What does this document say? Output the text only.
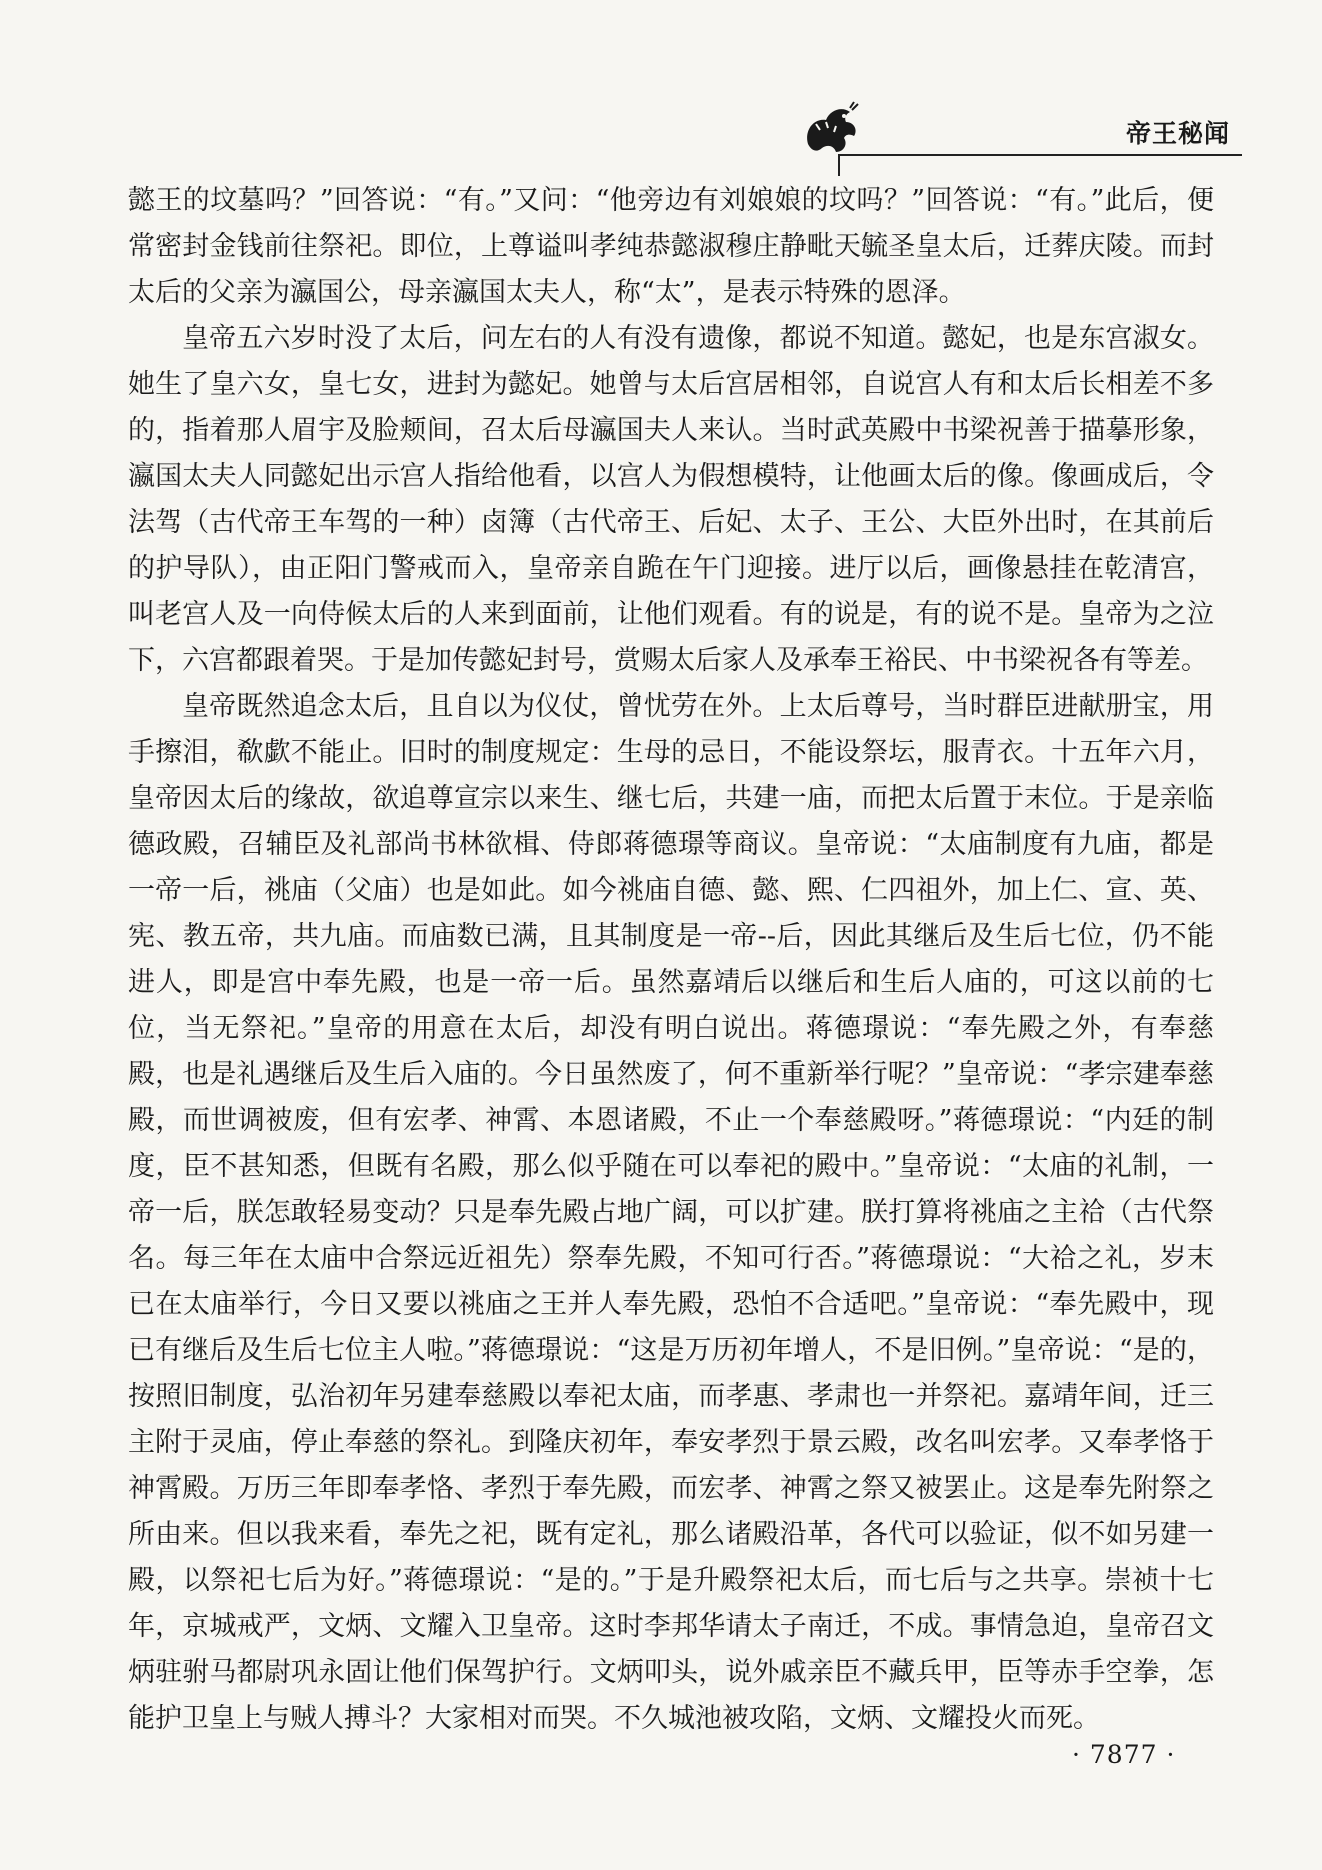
帝王秘闻

懿王的坟墓吗？”回答说：“有。”又问：“他旁边有刘娘娘的坟吗？”回答说：“有。”此后，便常密封金钱前往祭祀。即位，上尊谥叫孝纯恭懿淑穆庄静毗天毓圣皇太后，迁葬庆陵。而封太后的父亲为瀛国公，母亲瀛国太夫人，称“太”，是表示特殊的恩泽。

皇帝五六岁时没了太后，问左右的人有没有遗像，都说不知道。懿妃，也是东宫淑女。她生了皇六女，皇七女，进封为懿妃。她曾与太后宫居相邻，自说宫人有和太后长相差不多的，指着那人眉宇及脸颊间，召太后母瀛国夫人来认。当时武英殿中书梁祝善于描摹形象，瀛国太夫人同懿妃出示宫人指给他看，以宫人为假想模特，让他画太后的像。像画成后，令法驾（古代帝王车驾的一种）卤簿（古代帝王、后妃、太子、王公、大臣外出时，在其前后的护导队），由正阳门警戒而入，皇帝亲自跪在午门迎接。进厅以后，画像悬挂在乾清宫，叫老宫人及一向侍候太后的人来到面前，让他们观看。有的说是，有的说不是。皇帝为之泣下，六宫都跟着哭。于是加传懿妃封号，赏赐太后家人及承奉王裕民、中书梁祝各有等差。

皇帝既然追念太后，且自以为仪仗，曾忧劳在外。上太后尊号，当时群臣进献册宝，用手擦泪，欷歔不能止。旧时的制度规定：生母的忌日，不能设祭坛，服青衣。十五年六月，皇帝因太后的缘故，欲追尊宣宗以来生、继七后，共建一庙，而把太后置于末位。于是亲临德政殿，召辅臣及礼部尚书林欲楫、侍郎蒋德璟等商议。皇帝说：“太庙制度有九庙，都是一帝一后，祧庙（父庙）也是如此。如今祧庙自德、懿、熙、仁四祖外，加上仁、宣、英、宪、教五帝，共九庙。而庙数已满，且其制度是一帝--后，因此其继后及生后七位，仍不能进人，即是宫中奉先殿，也是一帝一后。虽然嘉靖后以继后和生后人庙的，可这以前的七位，当无祭祀。”皇帝的用意在太后，却没有明白说出。蒋德璟说：“奉先殿之外，有奉慈殿，也是礼遇继后及生后入庙的。今日虽然废了，何不重新举行呢？”皇帝说：“孝宗建奉慈殿，而世调被废，但有宏孝、神霄、本恩诸殿，不止一个奉慈殿呀。”蒋德璟说：“内廷的制度，臣不甚知悉，但既有名殿，那么似乎随在可以奉祀的殿中。”皇帝说：“太庙的礼制，一帝一后，朕怎敢轻易变动？只是奉先殿占地广阔，可以扩建。朕打算将祧庙之主祫（古代祭名。每三年在太庙中合祭远近祖先）祭奉先殿，不知可行否。”蒋德璟说：“大祫之礼，岁末已在太庙举行，今日又要以祧庙之王并人奉先殿，恐怕不合适吧。”皇帝说：“奉先殿中，现已有继后及生后七位主人啦。”蒋德璟说：“这是万历初年增人，不是旧例。”皇帝说：“是的，按照旧制度，弘治初年另建奉慈殿以奉祀太庙，而孝惠、孝肃也一并祭祀。嘉靖年间，迁三主附于灵庙，停止奉慈的祭礼。到隆庆初年，奉安孝烈于景云殿，改名叫宏孝。又奉孝恪于神霄殿。万历三年即奉孝恪、孝烈于奉先殿，而宏孝、神霄之祭又被罢止。这是奉先附祭之所由来。但以我来看，奉先之祀，既有定礼，那么诸殿沿革，各代可以验证，似不如另建一殿，以祭祀七后为好。”蒋德璟说：“是的。”于是升殿祭祀太后，而七后与之共享。崇祯十七年，京城戒严，文炳、文耀入卫皇帝。这时李邦华请太子南迁，不成。事情急迫，皇帝召文炳驻驸马都尉巩永固让他们保驾护行。文炳叩头，说外戚亲臣不藏兵甲，臣等赤手空拳，怎能护卫皇上与贼人搏斗？大家相对而哭。不久城池被攻陷，文炳、文耀投火而死。

· 7877 ·
